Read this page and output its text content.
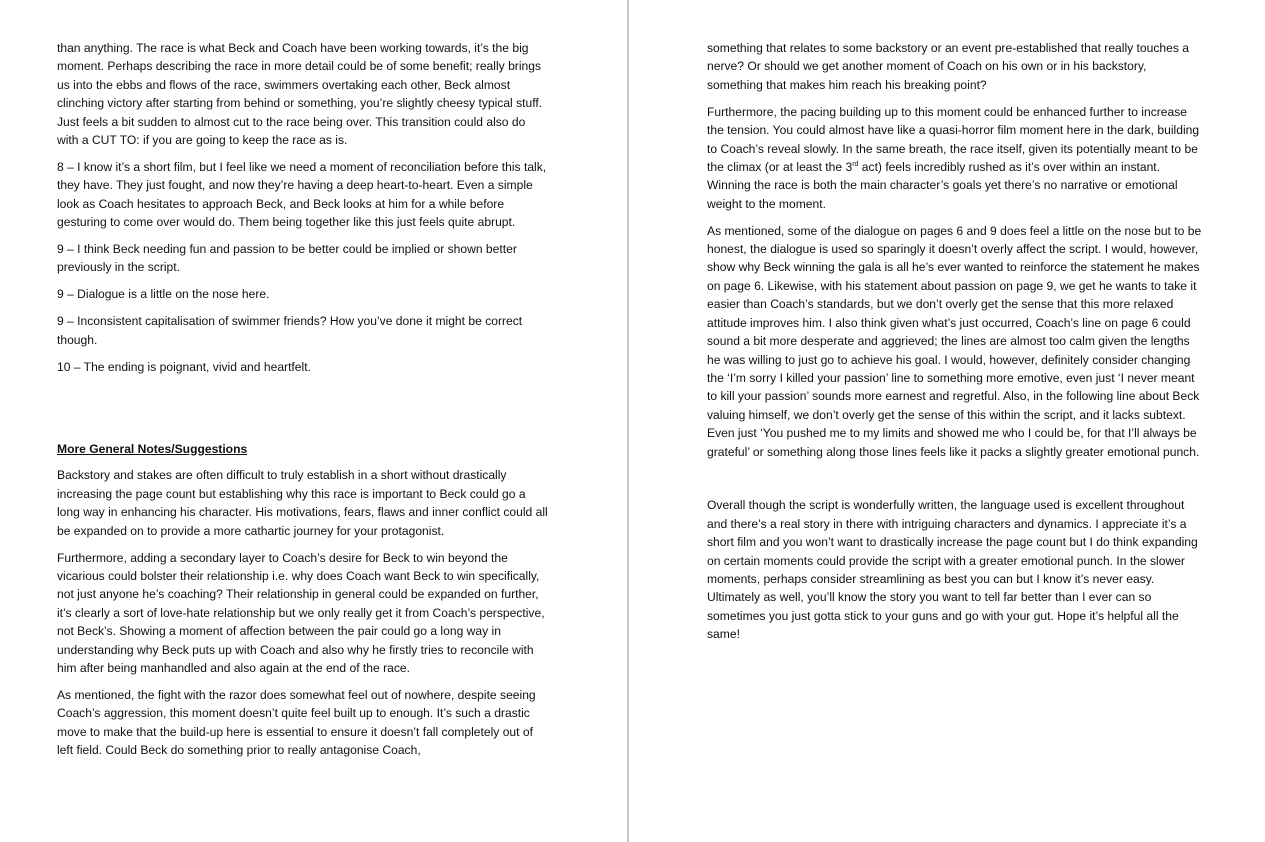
than anything. The race is what Beck and Coach have been working towards, it’s the big moment. Perhaps describing the race in more detail could be of some benefit; really brings us into the ebbs and flows of the race, swimmers overtaking each other, Beck almost clinching victory after starting from behind or something, you’re slightly cheesy typical stuff. Just feels a bit sudden to almost cut to the race being over. This transition could also do with a CUT TO: if you are going to keep the race as is.

8 – I know it’s a short film, but I feel like we need a moment of reconciliation before this talk, they have. They just fought, and now they’re having a deep heart-to-heart. Even a simple look as Coach hesitates to approach Beck, and Beck looks at him for a while before gesturing to come over would do. Them being together like this just feels quite abrupt.

9 – I think Beck needing fun and passion to be better could be implied or shown better previously in the script.

9 – Dialogue is a little on the nose here.

9 – Inconsistent capitalisation of swimmer friends? How you’ve done it might be correct though.

10 – The ending is poignant, vivid and heartfelt.

More General Notes/Suggestions

Backstory and stakes are often difficult to truly establish in a short without drastically increasing the page count but establishing why this race is important to Beck could go a long way in enhancing his character. His motivations, fears, flaws and inner conflict could all be expanded on to provide a more cathartic journey for your protagonist.

Furthermore, adding a secondary layer to Coach’s desire for Beck to win beyond the vicarious could bolster their relationship i.e. why does Coach want Beck to win specifically, not just anyone he’s coaching? Their relationship in general could be expanded on further, it’s clearly a sort of love-hate relationship but we only really get it from Coach’s perspective, not Beck’s. Showing a moment of affection between the pair could go a long way in understanding why Beck puts up with Coach and also why he firstly tries to reconcile with him after being manhandled and also again at the end of the race.

As mentioned, the fight with the razor does somewhat feel out of nowhere, despite seeing Coach’s aggression, this moment doesn’t quite feel built up to enough. It’s such a drastic move to make that the build-up here is essential to ensure it doesn’t fall completely out of left field. Could Beck do something prior to really antagonise Coach,

something that relates to some backstory or an event pre-established that really touches a nerve? Or should we get another moment of Coach on his own or in his backstory, something that makes him reach his breaking point?

Furthermore, the pacing building up to this moment could be enhanced further to increase the tension. You could almost have like a quasi-horror film moment here in the dark, building to Coach’s reveal slowly. In the same breath, the race itself, given its potentially meant to be the climax (or at least the 3rd act) feels incredibly rushed as it’s over within an instant. Winning the race is both the main character’s goals yet there’s no narrative or emotional weight to the moment.

As mentioned, some of the dialogue on pages 6 and 9 does feel a little on the nose but to be honest, the dialogue is used so sparingly it doesn’t overly affect the script. I would, however, show why Beck winning the gala is all he’s ever wanted to reinforce the statement he makes on page 6. Likewise, with his statement about passion on page 9, we get he wants to take it easier than Coach’s standards, but we don’t overly get the sense that this more relaxed attitude improves him. I also think given what’s just occurred, Coach’s line on page 6 could sound a bit more desperate and aggrieved; the lines are almost too calm given the lengths he was willing to just go to achieve his goal. I would, however, definitely consider changing the ‘I’m sorry I killed your passion’ line to something more emotive, even just ‘I never meant to kill your passion’ sounds more earnest and regretful. Also, in the following line about Beck valuing himself, we don’t overly get the sense of this within the script, and it lacks subtext. Even just ‘You pushed me to my limits and showed me who I could be, for that I’ll always be grateful’ or something along those lines feels like it packs a slightly greater emotional punch.

Overall though the script is wonderfully written, the language used is excellent throughout and there’s a real story in there with intriguing characters and dynamics. I appreciate it’s a short film and you won’t want to drastically increase the page count but I do think expanding on certain moments could provide the script with a greater emotional punch. In the slower moments, perhaps consider streamlining as best you can but I know it’s never easy. Ultimately as well, you’ll know the story you want to tell far better than I ever can so sometimes you just gotta stick to your guns and go with your gut. Hope it’s helpful all the same!
